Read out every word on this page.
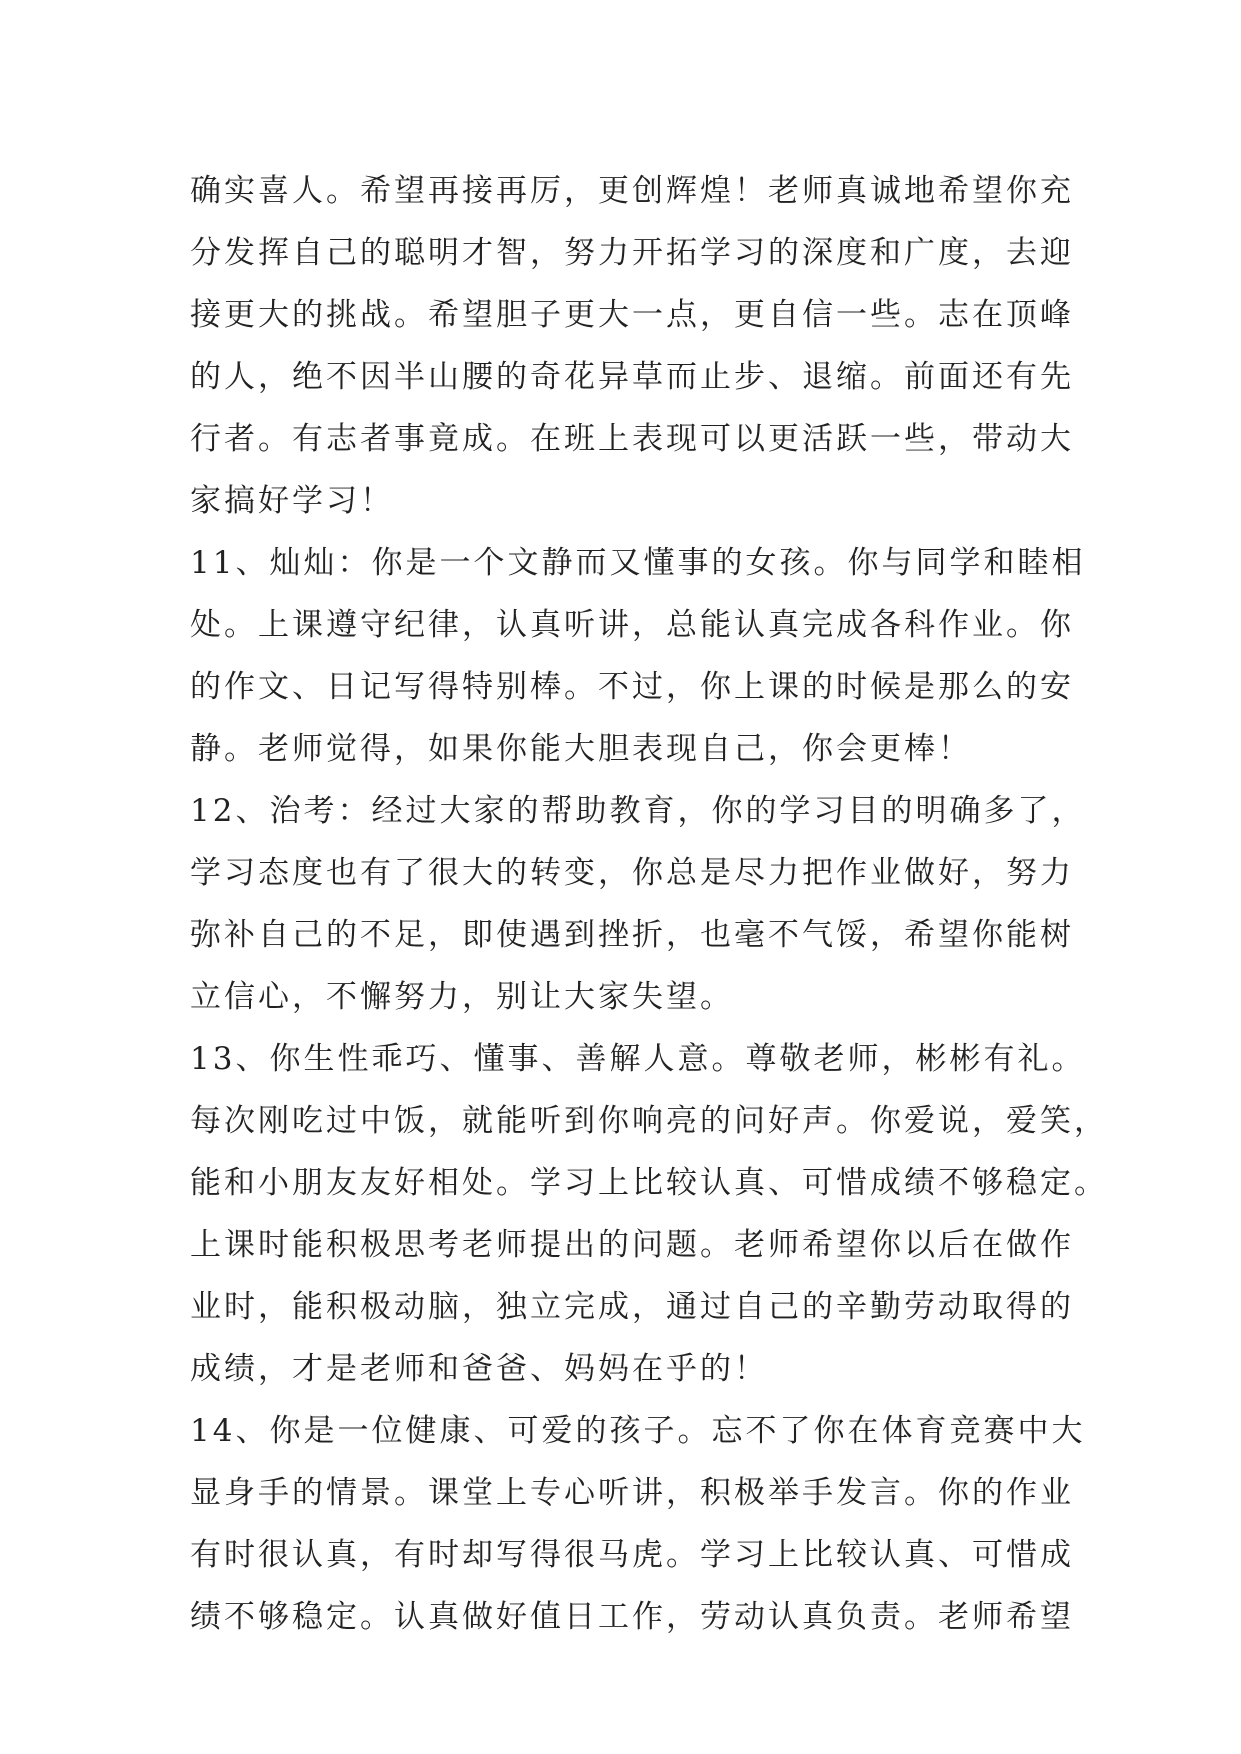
确实喜人。希望再接再厉，更创辉煌！老师真诚地希望你充
分发挥自己的聪明才智，努力开拓学习的深度和广度，去迎
接更大的挑战。希望胆子更大一点，更自信一些。志在顶峰
的人，绝不因半山腰的奇花异草而止步、退缩。前面还有先
行者。有志者事竟成。在班上表现可以更活跃一些，带动大
家搞好学习！
11、灿灿：你是一个文静而又懂事的女孩。你与同学和睦相
处。上课遵守纪律，认真听讲，总能认真完成各科作业。你
的作文、日记写得特别棒。不过，你上课的时候是那么的安
静。老师觉得，如果你能大胆表现自己，你会更棒！
12、治考：经过大家的帮助教育，你的学习目的明确多了，
学习态度也有了很大的转变，你总是尽力把作业做好，努力
弥补自己的不足，即使遇到挫折，也毫不气馁，希望你能树
立信心，不懈努力，别让大家失望。
13、你生性乖巧、懂事、善解人意。尊敬老师，彬彬有礼。
每次刚吃过中饭，就能听到你响亮的问好声。你爱说，爱笑，
能和小朋友友好相处。学习上比较认真、可惜成绩不够稳定。
上课时能积极思考老师提出的问题。老师希望你以后在做作
业时，能积极动脑，独立完成，通过自己的辛勤劳动取得的
成绩，才是老师和爸爸、妈妈在乎的！
14、你是一位健康、可爱的孩子。忘不了你在体育竞赛中大
显身手的情景。课堂上专心听讲，积极举手发言。你的作业
有时很认真，有时却写得很马虎。学习上比较认真、可惜成
绩不够稳定。认真做好值日工作，劳动认真负责。老师希望
